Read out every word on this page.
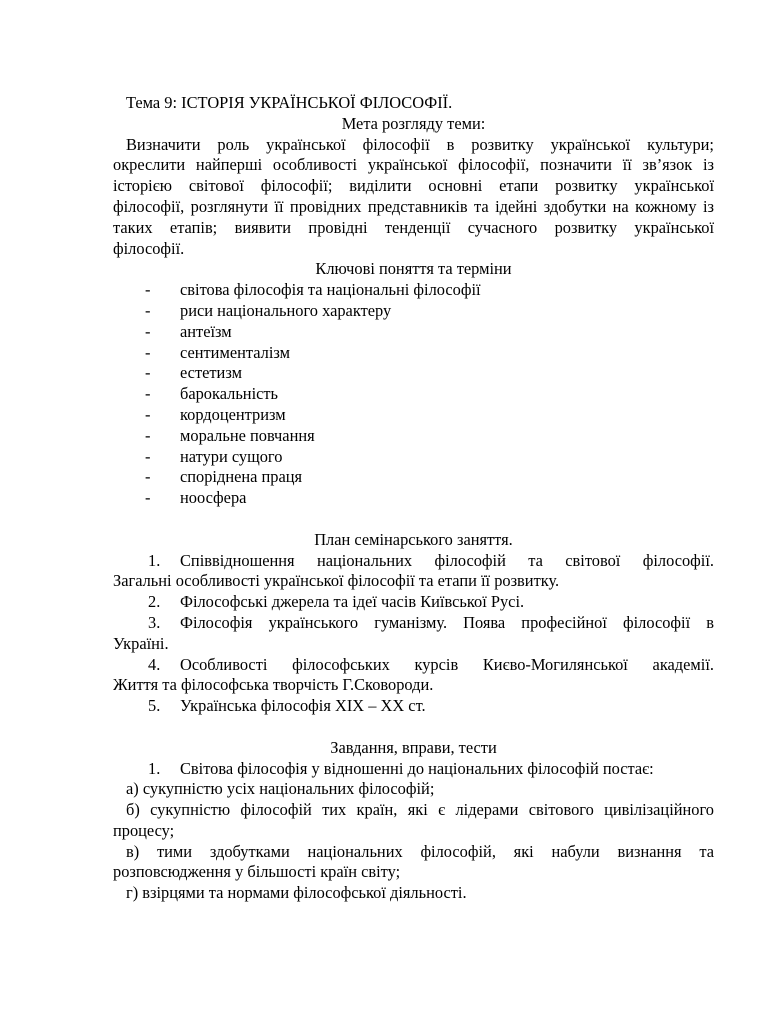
Тема 9: ІСТОРІЯ УКРАЇНСЬКОЇ ФІЛОСОФІЇ.
Мета розгляду теми:
Визначити роль української філософії в розвитку української культури;
окреслити найперші особливості української філософії, позначити її зв’язок із
історією світової філософії; виділити основні етапи розвитку української
філософії, розглянути її провідних представників та ідейні здобутки на кожному із
таких етапів; виявити провідні тенденції сучасного розвитку української
філософії.
Ключові поняття та терміни
- світова філософія та національні філософії
- риси національного характеру
- антеїзм
- сентименталізм
- естетизм
- барокальність
- кордоцентризм
- моральне повчання
- натури сущого
- споріднена праця
- ноосфера
План семінарського заняття.
1. Співвідношення національних філософій та світової філософії.
Загальні особливості української філософії та етапи її розвитку.
2. Філософські джерела та ідеї часів Київської Русі.
3. Філософія українського гуманізму. Поява професійної філософії в
Україні.
4. Особливості філософських курсів Києво-Могилянської академії.
Життя та філософська творчість Г.Сковороди.
5. Українська філософія XIX – XX ст.
Завдання, вправи, тести
1. Світова філософія у відношенні до національних філософій постає:
а) сукупністю усіх національних філософій;
б) сукупністю філософій тих країн, які є лідерами світового цивілізаційного
процесу;
в) тими здобутками національних філософій, які набули визнання та
розповсюдження у більшості країн світу;
г) взірцями та нормами філософської діяльності.
